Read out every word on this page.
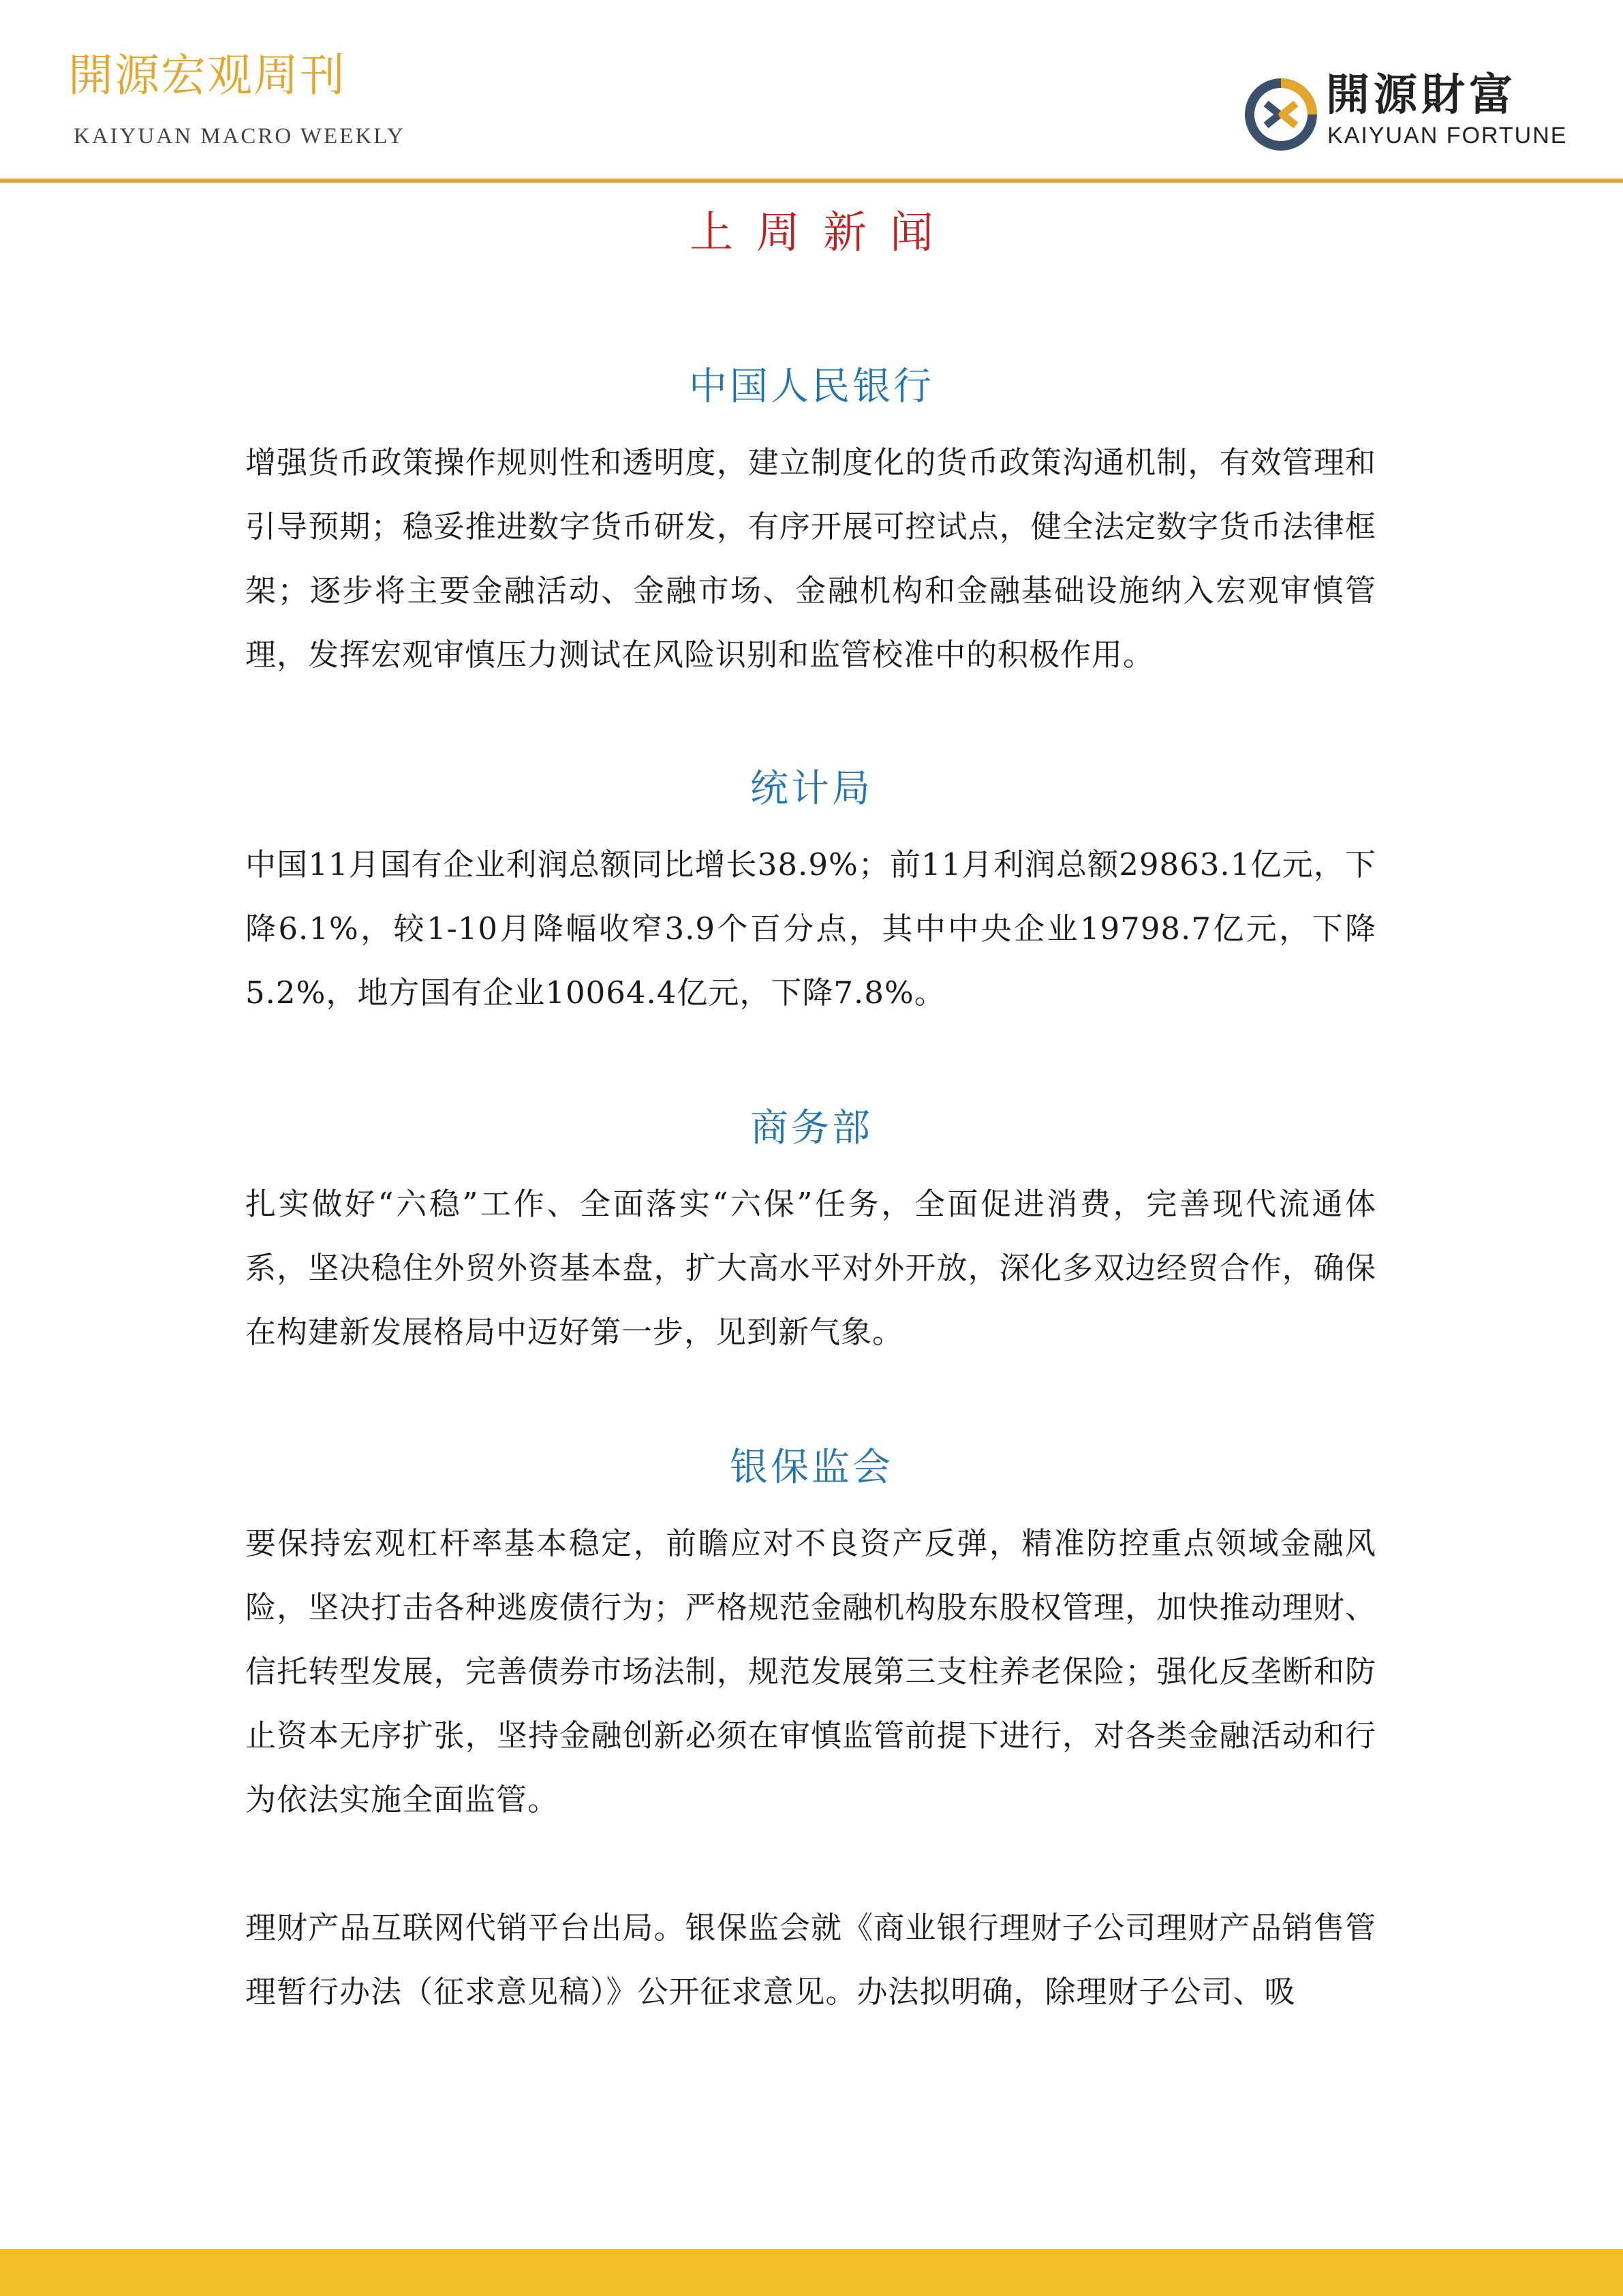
開源宏观周刊
KAIYUAN MACRO WEEKLY
開源財富
KAIYUAN FORTUNE
上周新闻
中国人民银行

增强货币政策操作规则性和透明度，建立制度化的货币政策沟通机制，有效管理和引导预期；稳妥推进数字货币研发，有序开展可控试点，健全法定数字货币法律框架；逐步将主要金融活动、金融市场、金融机构和金融基础设施纳入宏观审慎管理，发挥宏观审慎压力测试在风险识别和监管校准中的积极作用。

统计局

中国11月国有企业利润总额同比增长38.9%；前11月利润总额29863.1亿元，下降6.1%，较1-10月降幅收窄3.9个百分点，其中中央企业19798.7亿元，下降5.2%，地方国有企业10064.4亿元，下降7.8%。

商务部

扎实做好“六稳”工作、全面落实“六保”任务，全面促进消费，完善现代流通体系，坚决稳住外贸外资基本盘，扩大高水平对外开放，深化多双边经贸合作，确保在构建新发展格局中迈好第一步，见到新气象。

银保监会

要保持宏观杠杆率基本稳定，前瞻应对不良资产反弹，精准防控重点领域金融风险，坚决打击各种逃废债行为；严格规范金融机构股东股权管理，加快推动理财、信托转型发展，完善债券市场法制，规范发展第三支柱养老保险；强化反垄断和防止资本无序扩张，坚持金融创新必须在审慎监管前提下进行，对各类金融活动和行为依法实施全面监管。

理财产品互联网代销平台出局。银保监会就《商业银行理财子公司理财产品销售管理暂行办法（征求意见稿）》公开征求意见。办法拟明确，除理财子公司、吸
